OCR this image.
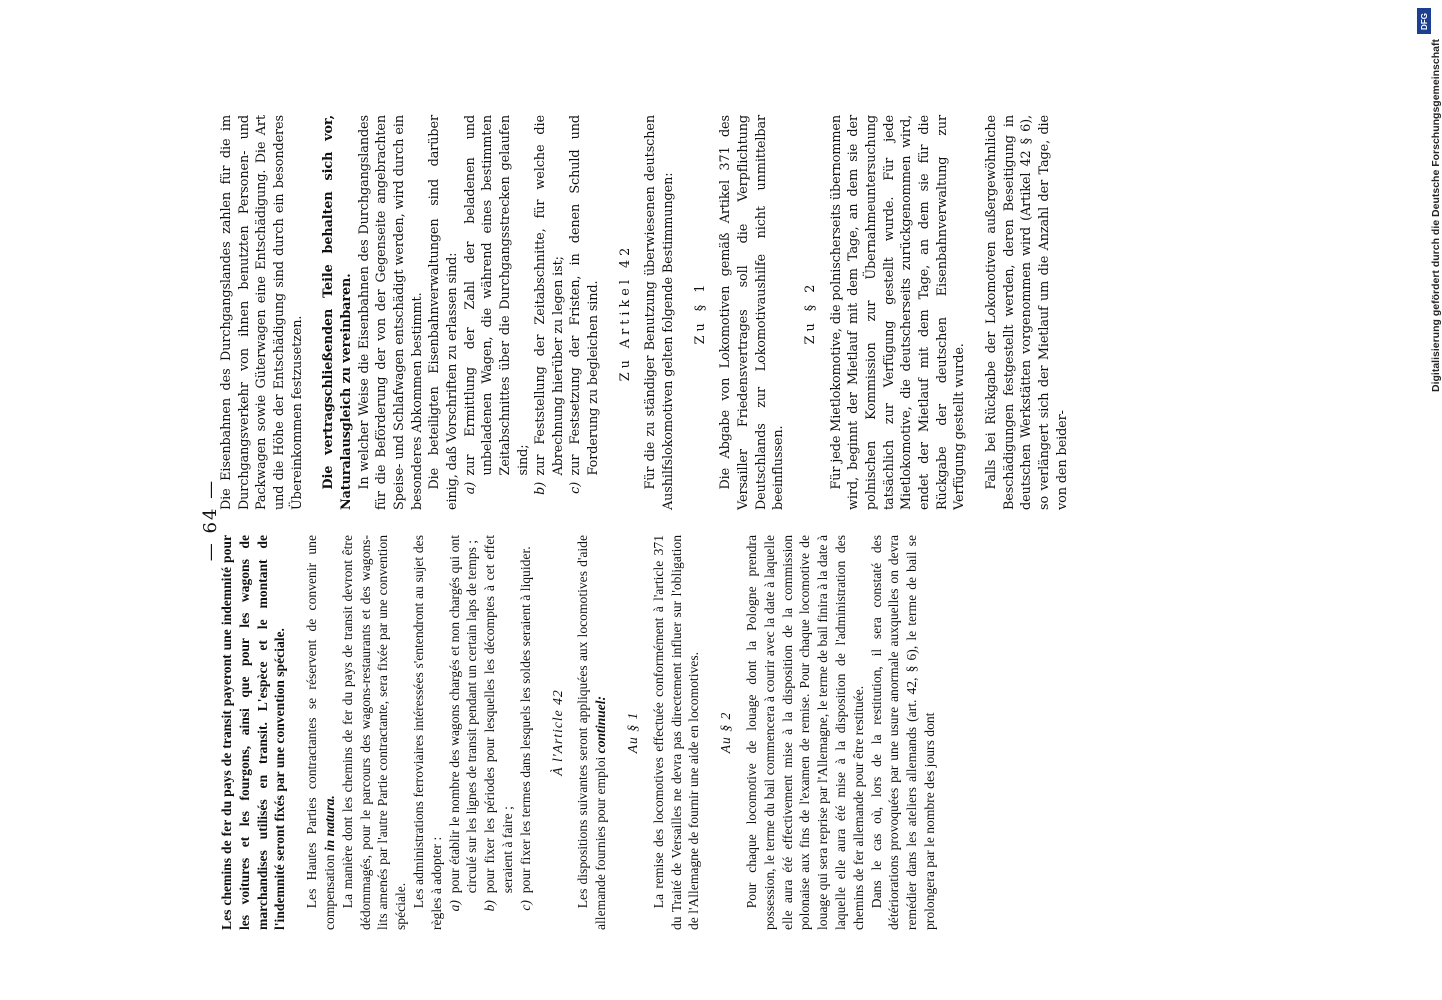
— 64 —

Les chemins de fer du pays de transit payeront une indemnité pour les voitures et les fourgons, ainsi que pour les wagons de marchandises utilisés en transit. L'espèce et le montant de l'indemnité seront fixés par une convention spéciale. Les Hautes Parties contractantes se réservent de convenir une compensation in natura. La manière dont les chemins de fer du pays de transit devront être dédommagés, pour le parcours des wagons-restaurants et des wagons-lits amenés par l'autre Partie contractante, sera fixée par une convention spéciale. Les administrations ferroviaires intéressées s'entendront au sujet des règles à adopter : a)
pour établir le nombre des wagons chargés et non chargés qui ont circulé sur les lignes de transit pendant un certain laps de temps ;
b)
pour fixer les périodes pour lesquelles les décomptes à cet effet seraient à faire ;
c)
pour fixer les termes dans lesquels les soldes seraient à liquider. À l'Article 42 Les dispositions suivantes seront appliquées aux locomotives d'aide allemande fournies pour emploi continuel: Au § 1 La remise des locomotives effectuée conformément à l'article 371 du Traité de Versailles ne devra pas directement influer sur l'obligation de l'Allemagne de fournir une aide en locomotives. Au § 2 Pour chaque locomotive de louage dont la Pologne prendra possession, le terme du bail commencera à courir avec la date à laquelle elle aura été effectivement mise à la disposition de la commission polonaise aux fins de l'examen de remise. Pour chaque locomotive de louage qui sera reprise par l'Allemagne, le terme de bail finira à la date à laquelle elle aura été mise à la disposition de l'administration des chemins de fer allemande pour être restituée. Dans le cas où, lors de la restitution, il sera constaté des détériorations provoquées par une usure anormale auxquelles on devra remédier dans les ateliers allemands (art. 42, § 6), le terme de bail se prolongera par le nombre des jours dont

Die Eisenbahnen des Durchgangslandes zahlen für die im Durchgangsverkehr von ihnen benutzten Personen- und Packwagen sowie Güterwagen eine Entschädigung. Die Art und die Höhe der Entschädigung sind durch ein besonderes Übereinkommen festzusetzen. Die vertragschließenden Teile behalten sich vor, Naturalausgleich zu vereinbaren. In welcher Weise die Eisenbahnen des Durchgangslandes für die Beförderung der von der Gegenseite angebrachten Speise- und Schlafwagen entschädigt werden, wird durch ein besonderes Abkommen bestimmt. Die beteiligten Eisenbahnverwaltungen sind darüber einig, daß Vorschriften zu erlassen sind: a)
zur Ermittlung der Zahl der beladenen und unbeladenen Wagen, die während eines bestimmten Zeitabschnittes über die Durchgangsstrecken gelaufen sind;
b)
zur Feststellung der Zeitabschnitte, für welche die Abrechnung hierüber zu legen ist;
c)
zur Festsetzung der Fristen, in denen Schuld und Forderung zu begleichen sind. Zu Artikel 42 Für die zu ständiger Benutzung überwiesenen deutschen Aushilfslokomotiven gelten folgende Bestimmungen: Zu § 1 Die Abgabe von Lokomotiven gemäß Artikel 371 des Versailler Friedensvertrages soll die Verpflichtung Deutschlands zur Lokomotivaushilfe nicht unmittelbar beeinflussen.

Zu § 2 Für jede Mietlokomotive, die polnischerseits übernommen wird, beginnt der Mietlauf mit dem Tage, an dem sie der polnischen Kommission zur Übernahmeuntersuchung tatsächlich zur Verfügung gestellt wurde. Für jede Mietlokomotive, die deutscherseits zurückgenommen wird, endet der Mietlauf mit dem Tage, an dem sie für die Rückgabe der deutschen Eisenbahnverwaltung zur Verfügung gestellt wurde. Falls bei Rückgabe der Lokomotiven außergewöhnliche Beschädigungen festgestellt werden, deren Beseitigung in deutschen Werkstätten vorgenommen wird (Artikel 42 § 6), so verlängert sich der Mietlauf um die Anzahl der Tage, die von den beider-

DFG
Digitalisierung gefördert durch die Deutsche Forschungsgemeinschaft
